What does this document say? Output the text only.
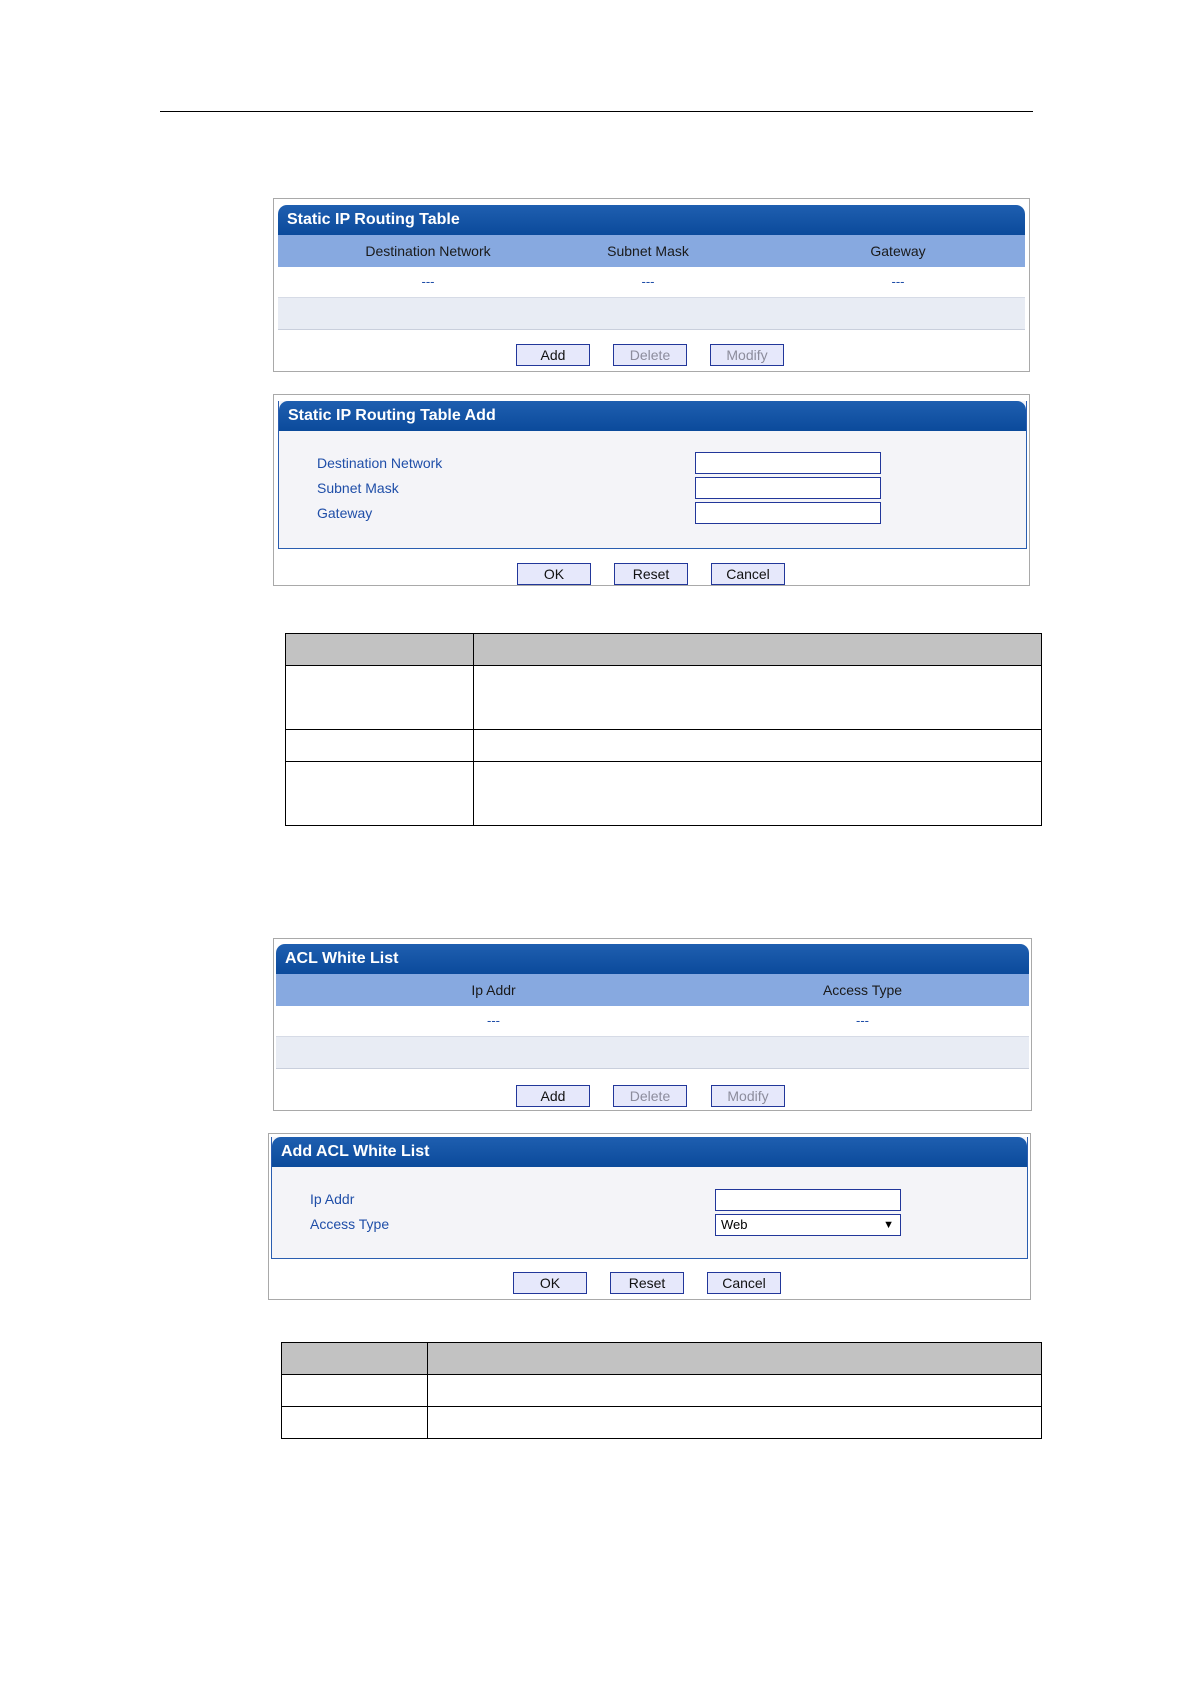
Static IP Routing Table
Destination Network	Subnet Mask	Gateway
---	---	---
Add	Delete	Modify
Static IP Routing Table Add
Destination Network
Subnet Mask
Gateway
OK	Reset	Cancel

ACL White List
Ip Addr	Access Type
---	---
Add	Delete	Modify
Add ACL White List
Ip Addr
Access Type	Web	▼
OK	Reset	Cancel
